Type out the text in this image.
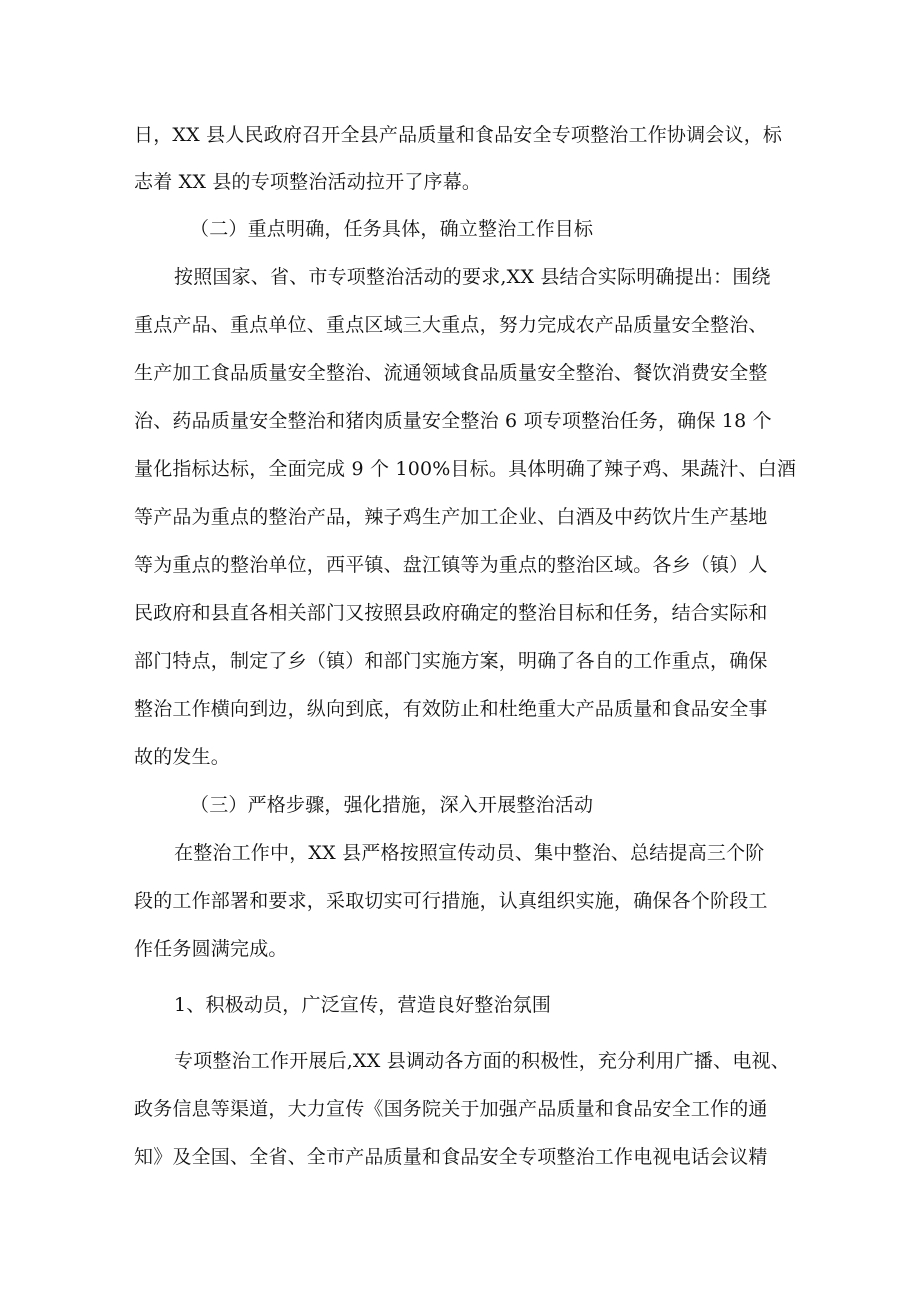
日，XX 县人民政府召开全县产品质量和食品安全专项整治工作协调会议，标
志着 XX 县的专项整治活动拉开了序幕。
（二）重点明确，任务具体，确立整治工作目标
按照国家、省、市专项整治活动的要求,XX 县结合实际明确提出：围绕
重点产品、重点单位、重点区域三大重点，努力完成农产品质量安全整治、
生产加工食品质量安全整治、流通领域食品质量安全整治、餐饮消费安全整
治、药品质量安全整治和猪肉质量安全整治 6 项专项整治任务，确保 18 个
量化指标达标，全面完成 9 个 100%目标。具体明确了辣子鸡、果蔬汁、白酒
等产品为重点的整治产品，辣子鸡生产加工企业、白酒及中药饮片生产基地
等为重点的整治单位，西平镇、盘江镇等为重点的整治区域。各乡（镇）人
民政府和县直各相关部门又按照县政府确定的整治目标和任务，结合实际和
部门特点，制定了乡（镇）和部门实施方案，明确了各自的工作重点，确保
整治工作横向到边，纵向到底，有效防止和杜绝重大产品质量和食品安全事
故的发生。
（三）严格步骤，强化措施，深入开展整治活动
在整治工作中，XX 县严格按照宣传动员、集中整治、总结提高三个阶
段的工作部署和要求，采取切实可行措施，认真组织实施，确保各个阶段工
作任务圆满完成。
1、积极动员，广泛宣传，营造良好整治氛围
专项整治工作开展后,XX 县调动各方面的积极性，充分利用广播、电视、
政务信息等渠道，大力宣传《国务院关于加强产品质量和食品安全工作的通
知》及全国、全省、全市产品质量和食品安全专项整治工作电视电话会议精
